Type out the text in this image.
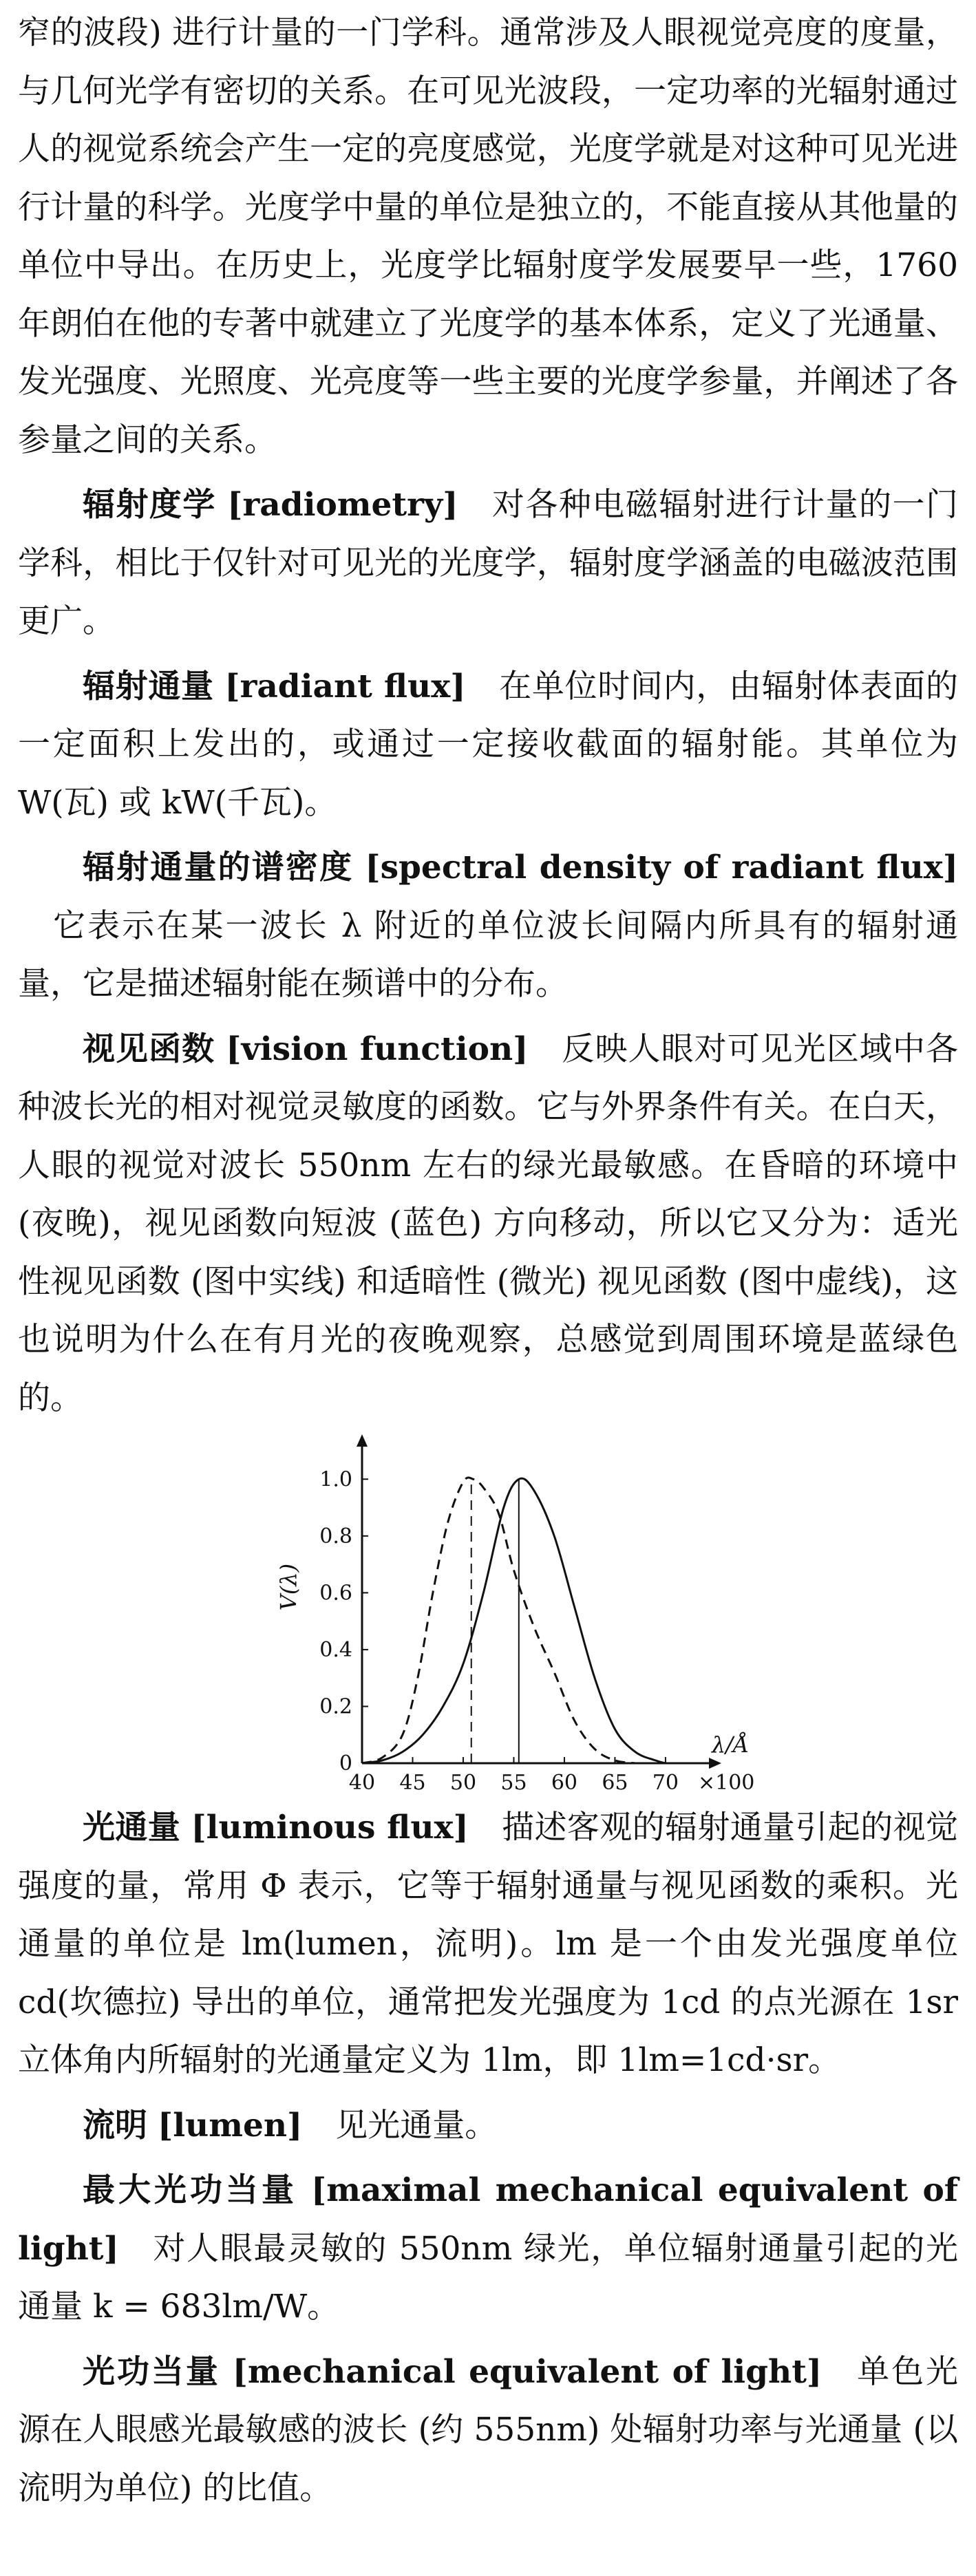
窄的波段) 进行计量的一门学科。通常涉及人眼视觉亮度的度量，与几何光学有密切的关系。在可见光波段，一定功率的光辐射通过人的视觉系统会产生一定的亮度感觉，光度学就是对这种可见光进行计量的科学。光度学中量的单位是独立的，不能直接从其他量的单位中导出。在历史上，光度学比辐射度学发展要早一些，1760 年朗伯在他的专著中就建立了光度学的基本体系，定义了光通量、发光强度、光照度、光亮度等一些主要的光度学参量，并阐述了各参量之间的关系。

辐射度学 [radiometry] 对各种电磁辐射进行计量的一门学科，相比于仅针对可见光的光度学，辐射度学涵盖的电磁波范围更广。

辐射通量 [radiant flux] 在单位时间内，由辐射体表面的一定面积上发出的，或通过一定接收截面的辐射能。其单位为 W(瓦) 或 kW(千瓦)。

辐射通量的谱密度 [spectral density of radiant flux]它表示在某一波长 λ 附近的单位波长间隔内所具有的辐射通量，它是描述辐射能在频谱中的分布。

视见函数 [vision function] 反映人眼对可见光区域中各种波长光的相对视觉灵敏度的函数。它与外界条件有关。在白天，人眼的视觉对波长 550nm 左右的绿光最敏感。在昏暗的环境中 (夜晚)，视见函数向短波 (蓝色) 方向移动，所以它又分为：适光性视见函数 (图中实线) 和适暗性 (微光) 视见函数 (图中虚线)，这也说明为什么在有月光的夜晚观察，总感觉到周围环境是蓝绿色的。

40 45 50 55 60 65 70
0
0.2
0.4
0.6
0.8
1.0
V(λ)
λ/Å
×100

光通量 [luminous flux] 描述客观的辐射通量引起的视觉强度的量，常用 Φ 表示，它等于辐射通量与视见函数的乘积。光通量的单位是 lm(lumen，流明)。lm 是一个由发光强度单位 cd(坎德拉) 导出的单位，通常把发光强度为 1cd 的点光源在 1sr 立体角内所辐射的光通量定义为 1lm，即 1lm=1cd·sr。

流明 [lumen] 见光通量。

最大光功当量 [maximal mechanical equivalent of light] 对人眼最灵敏的 550nm 绿光，单位辐射通量引起的光通量 k = 683lm/W。

光功当量 [mechanical equivalent of light] 单色光源在人眼感光最敏感的波长 (约 555nm) 处辐射功率与光通量 (以流明为单位) 的比值。
